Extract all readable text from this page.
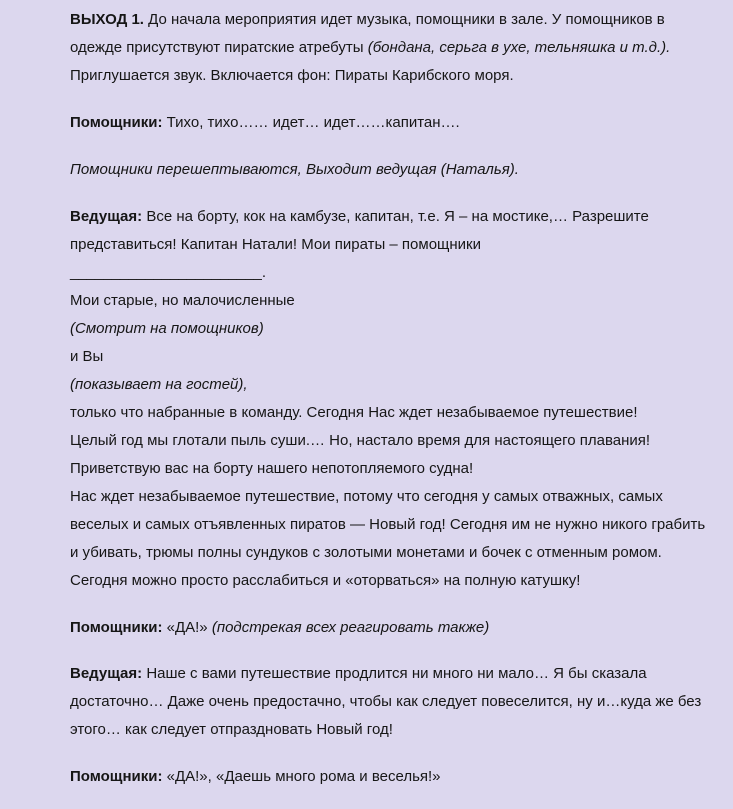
ВЫХОД 1. До начала мероприятия идет музыка, помощники в зале. У помощников в одежде присутствуют пиратские атребуты (бондана, серьга в ухе, тельняшка и т.д.). Приглушается звук. Включается фон: Пираты Карибского моря.

Помощники: Тихо, тихо…… идет… идет……капитан….

Помощники перешептываются, Выходит ведущая (Наталья).

Ведущая: Все на борту, кок на камбузе, капитан, т.е. Я – на мостике,… Разрешите представиться! Капитан Натали! Мои пираты – помощники
_______________________.

Мои старые, но малочисленные

(Смотрит на помощников)

и Вы

(показывает на гостей),

только что набранные в команду. Сегодня Нас ждет незабываемое путешествие!

Целый год мы глотали пыль суши.… Но, настало время для настоящего плавания!

Приветствую вас на борту нашего непотопляемого судна!

Нас ждет незабываемое путешествие, потому что сегодня у самых отважных, самых веселых и самых отъявленных пиратов — Новый год! Сегодня им не нужно никого грабить и убивать, трюмы полны сундуков с золотыми монетами и бочек с отменным ромом. Сегодня можно просто расслабиться и «оторваться» на полную катушку!

Помощники: «ДА!» (подстрекая всех реагировать также)

Ведущая: Наше с вами путешествие продлится ни много ни мало… Я бы сказала достаточно… Даже очень предостачно, чтобы как следует повеселится, ну и…куда же без этого… как следует отпраздновать Новый год!

Помощники: «ДА!», «Даешь много рома и веселья!»
